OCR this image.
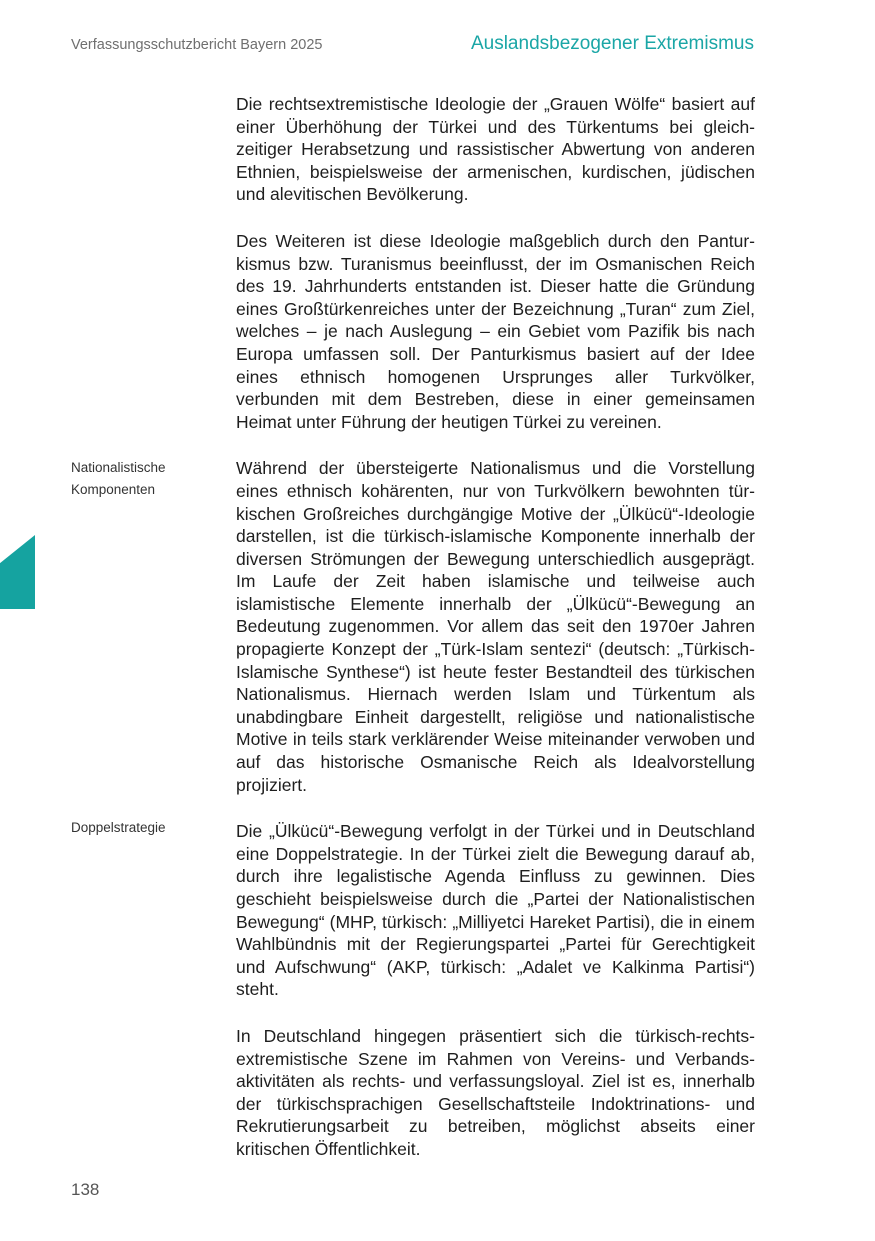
Verfassungsschutzbericht Bayern 2025	Auslandsbezogener Extremismus
Nationalistische
Komponenten
Doppelstrategie

Die rechtsextremistische Ideologie der „Grauen Wölfe“ basiert auf einer Überhöhung der Türkei und des Türkentums bei gleichzeitiger Herabsetzung und rassistischer Abwertung von anderen Ethnien, beispielsweise der armenischen, kurdischen, jüdischen und alevitischen Bevölkerung.

Des Weiteren ist diese Ideologie maßgeblich durch den Panturkismus bzw. Turanismus beeinflusst, der im Osmanischen Reich des 19. Jahrhunderts entstanden ist. Dieser hatte die Gründung eines Großtürkenreiches unter der Bezeichnung „Turan“ zum Ziel, welches – je nach Auslegung – ein Gebiet vom Pazifik bis nach Europa umfassen soll. Der Panturkismus basiert auf der Idee eines ethnisch homogenen Ursprunges aller Turkvölker, verbunden mit dem Bestreben, diese in einer gemeinsamen Heimat unter Führung der heutigen Türkei zu vereinen.

Während der übersteigerte Nationalismus und die Vorstellung eines ethnisch kohärenten, nur von Turkvölkern bewohnten türkischen Großreiches durchgängige Motive der „Ülkücü“-Ideologie darstellen, ist die türkisch-islamische Komponente innerhalb der diversen Strömungen der Bewegung unterschiedlich ausgeprägt. Im Laufe der Zeit haben islamische und teilweise auch islamistische Elemente innerhalb der „Ülkücü“-Bewegung an Bedeutung zugenommen. Vor allem das seit den 1970er Jahren propagierte Konzept der „Türk-Islam sentezi“ (deutsch: „Türkisch-Islamische Synthese“) ist heute fester Bestandteil des türkischen Nationalismus. Hiernach werden Islam und Türkentum als unabdingbare Einheit dargestellt, religiöse und nationalistische Motive in teils stark verklärender Weise miteinander verwoben und auf das historische Osmanische Reich als Idealvorstellung projiziert.

Die „Ülkücü“-Bewegung verfolgt in der Türkei und in Deutschland eine Doppelstrategie. In der Türkei zielt die Bewegung darauf ab, durch ihre legalistische Agenda Einfluss zu gewinnen. Dies geschieht beispielsweise durch die „Partei der Nationalistischen Bewegung“ (MHP, türkisch: „Milliyetci Hareket Partisi), die in einem Wahlbündnis mit der Regierungspartei „Partei für Gerechtigkeit und Aufschwung“ (AKP, türkisch: „Adalet ve Kalkinma Partisi“) steht.

In Deutschland hingegen präsentiert sich die türkisch-rechtsextremistische Szene im Rahmen von Vereins- und Verbandsaktivitäten als rechts- und verfassungsloyal. Ziel ist es, innerhalb der türkischsprachigen Gesellschaftsteile Indoktrinations- und Rekrutierungsarbeit zu betreiben, möglichst abseits einer kritischen Öffentlichkeit.

138
